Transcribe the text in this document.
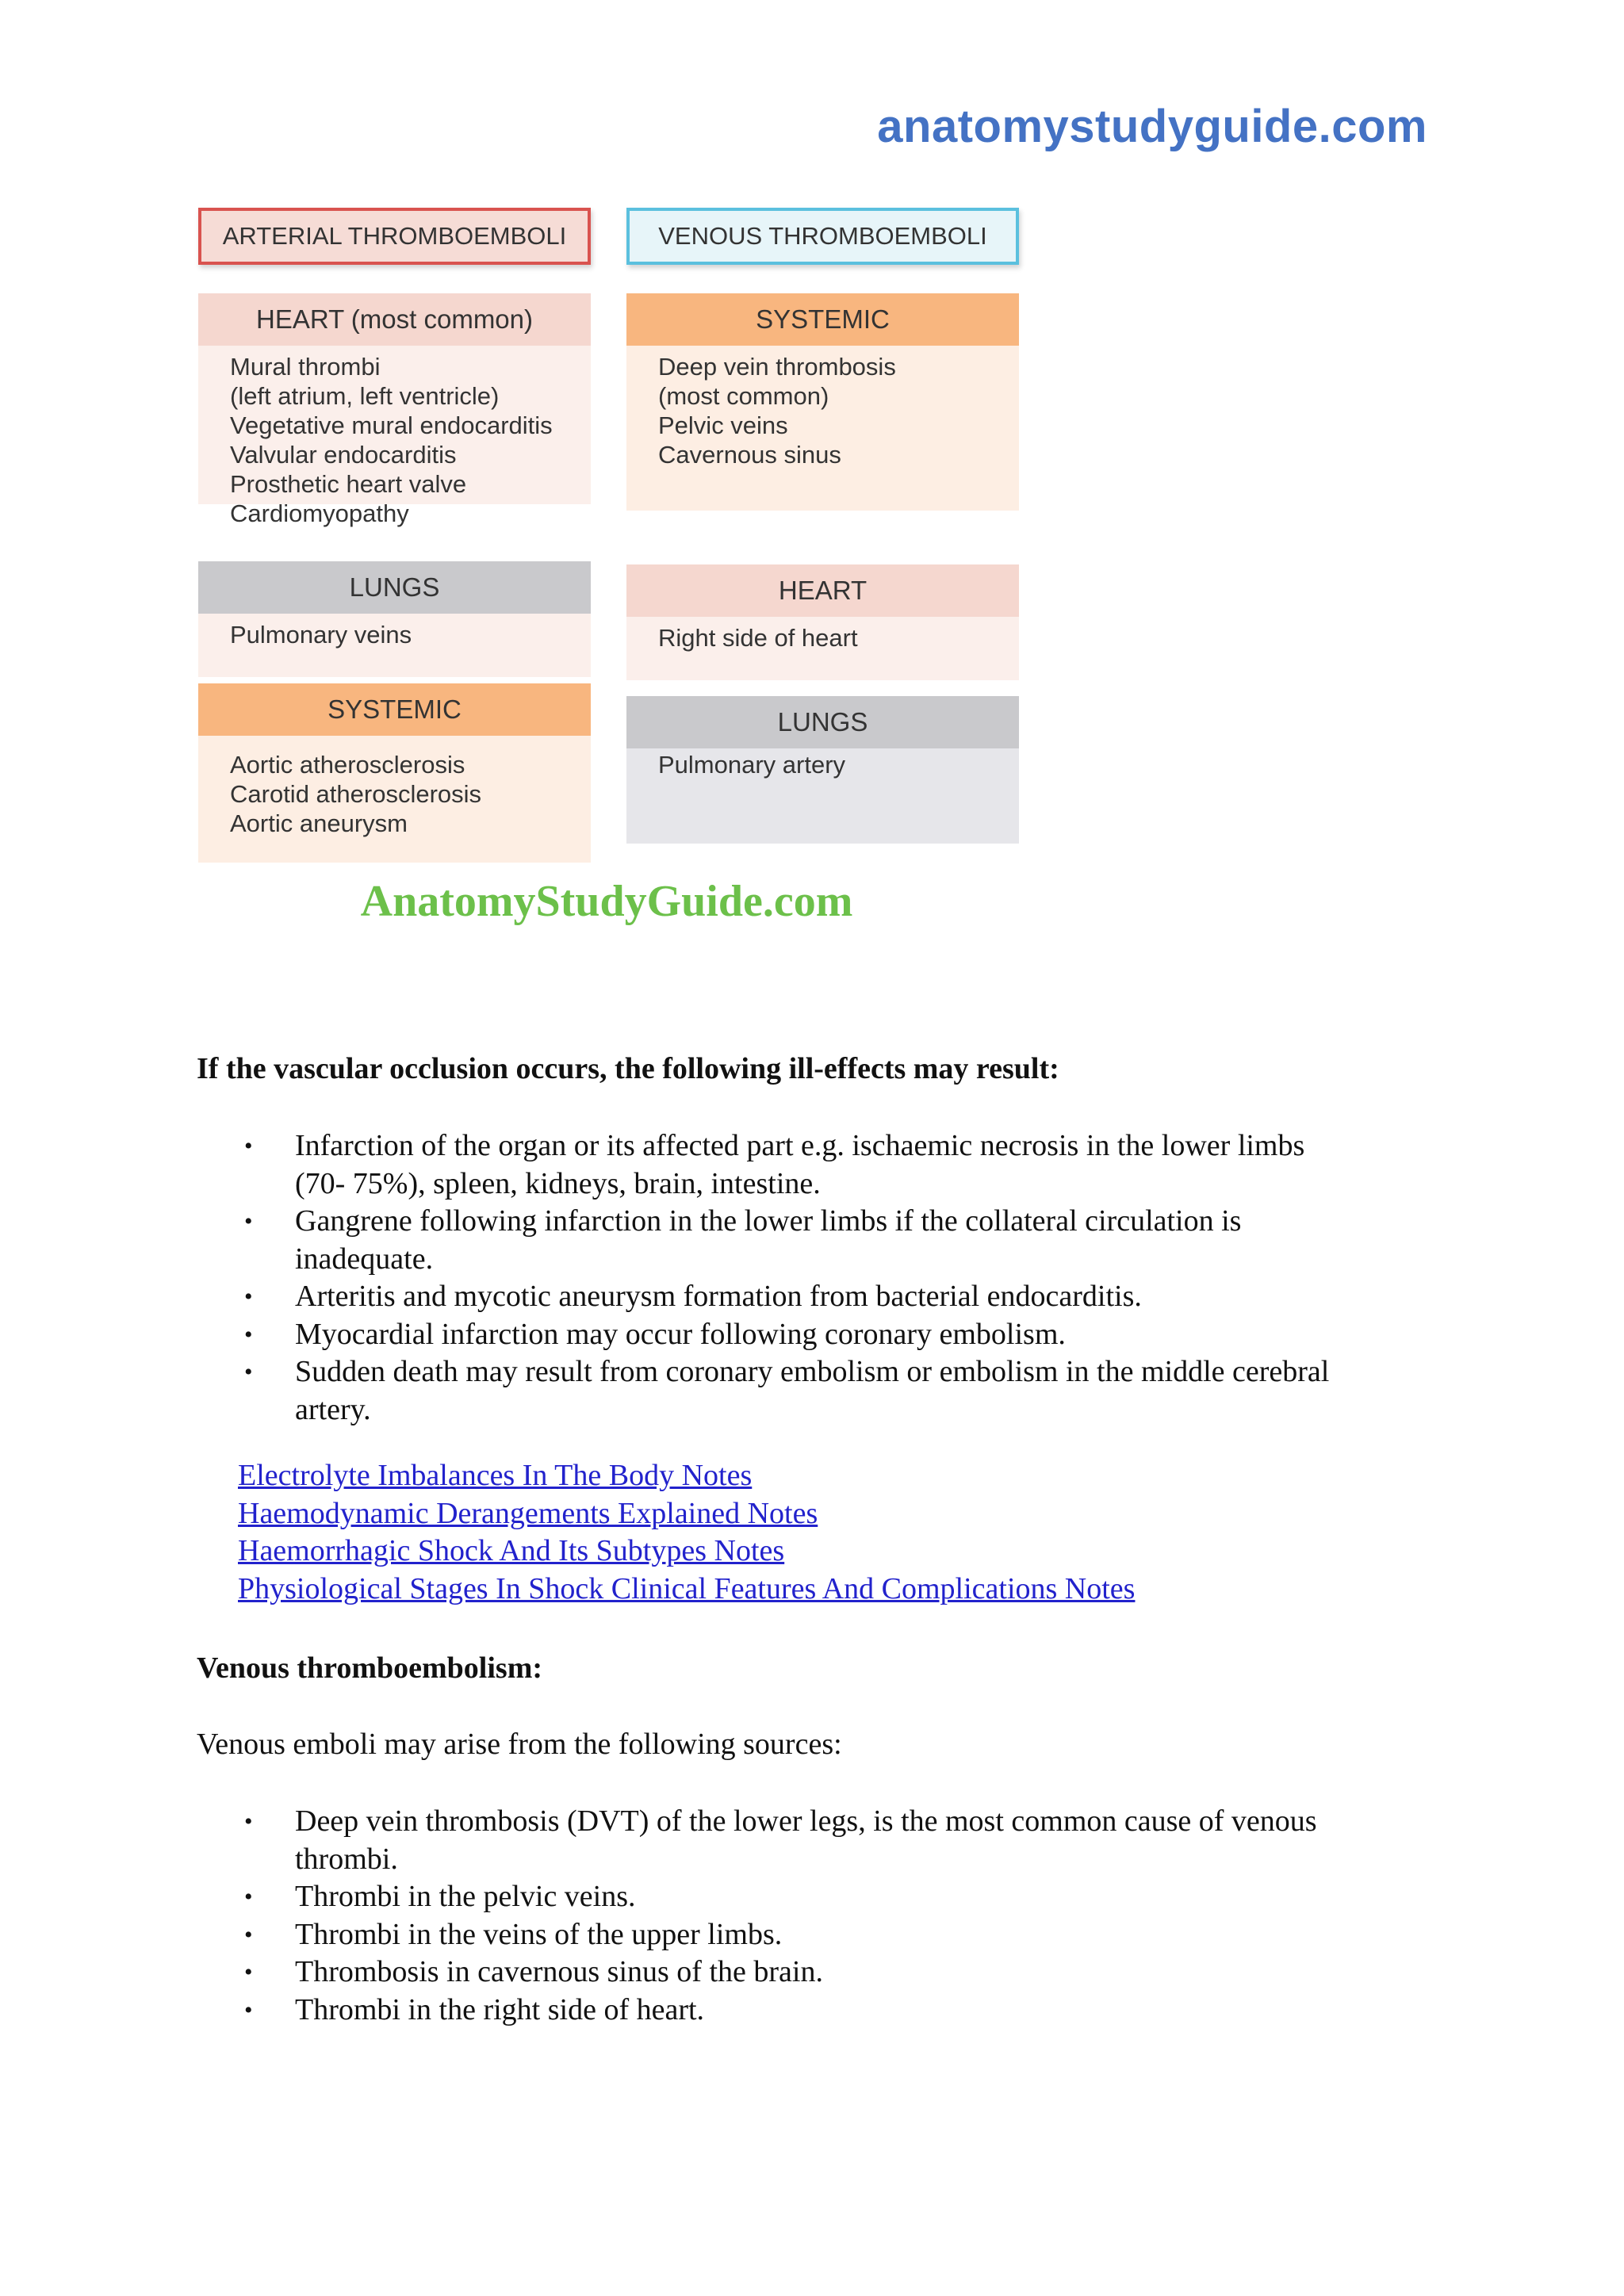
anatomystudyguide.com
ARTERIAL THROMBOEMBOLI	VENOUS THROMBOEMBOLI
HEART (most common)
Mural thrombi
(left atrium, left ventricle)
Vegetative mural endocarditis
Valvular endocarditis
Prosthetic heart valve
Cardiomyopathy
LUNGS
Pulmonary veins
SYSTEMIC
Aortic atherosclerosis
Carotid atherosclerosis
Aortic aneurysm
SYSTEMIC
Deep vein thrombosis
(most common)
Pelvic veins
Cavernous sinus
HEART
Right side of heart
LUNGS
Pulmonary artery
AnatomyStudyGuide.com
If the vascular occlusion occurs, the following ill-effects may result:
• Infarction of the organ or its affected part e.g. ischaemic necrosis in the lower limbs
(70- 75%), spleen, kidneys, brain, intestine.
• Gangrene following infarction in the lower limbs if the collateral circulation is
inadequate.
• Arteritis and mycotic aneurysm formation from bacterial endocarditis.
• Myocardial infarction may occur following coronary embolism.
• Sudden death may result from coronary embolism or embolism in the middle cerebral
artery.
Electrolyte Imbalances In The Body Notes
Haemodynamic Derangements Explained Notes
Haemorrhagic Shock And Its Subtypes Notes
Physiological Stages In Shock Clinical Features And Complications Notes
Venous thromboembolism:
Venous emboli may arise from the following sources:
• Deep vein thrombosis (DVT) of the lower legs, is the most common cause of venous
thrombi.
• Thrombi in the pelvic veins.
• Thrombi in the veins of the upper limbs.
• Thrombosis in cavernous sinus of the brain.
• Thrombi in the right side of heart.
